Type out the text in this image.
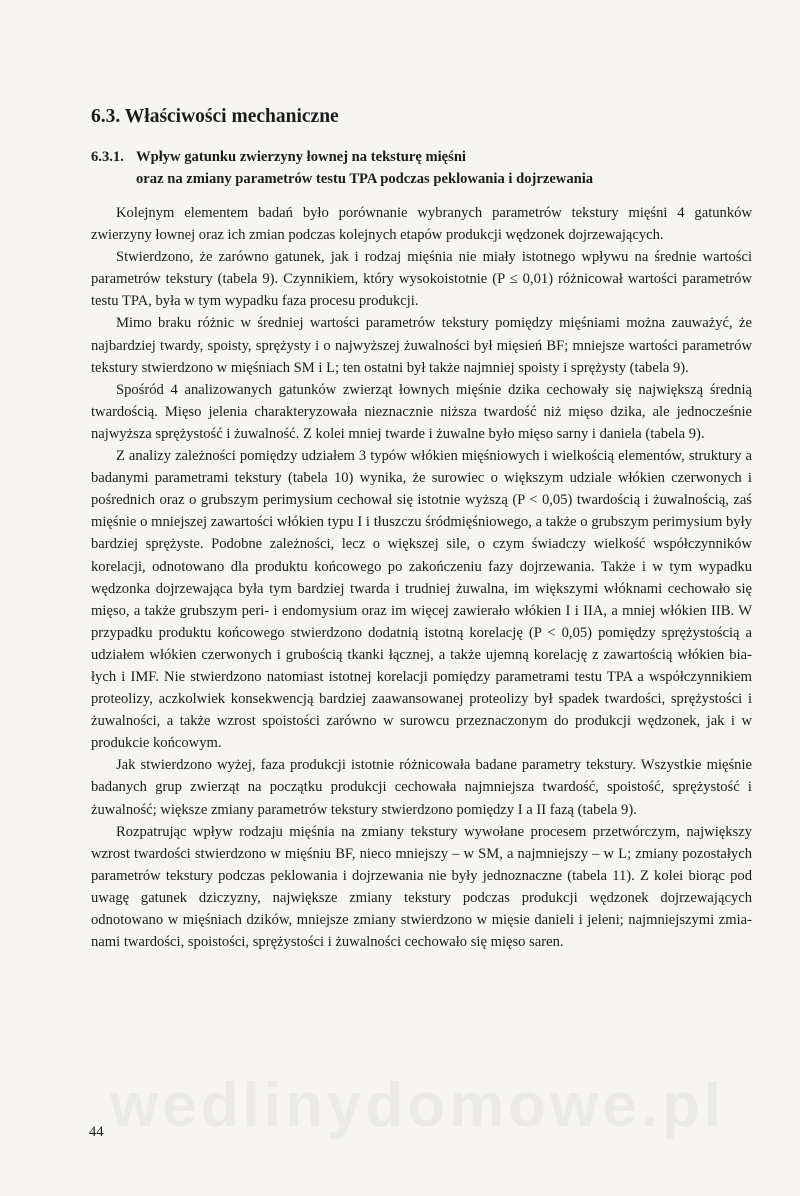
6.3. Właściwości mechaniczne
6.3.1. Wpływ gatunku zwierzyny łownej na teksturę mięśni
oraz na zmiany parametrów testu TPA podczas peklowania i dojrzewania

Kolejnym elementem badań było porównanie wybranych parametrów tekstury mięśni 4 gatunków zwierzyny łownej oraz ich zmian podczas kolejnych etapów produkcji wędzonek dojrzewających.

Stwierdzono, że zarówno gatunek, jak i rodzaj mięśnia nie miały istotnego wpływu na średnie wartości parametrów tekstury (tabela 9). Czynnikiem, który wysokoistotnie (P ≤ 0,01) różnicował wartości parametrów testu TPA, była w tym wypadku faza procesu produkcji.

Mimo braku różnic w średniej wartości parametrów tekstury pomiędzy mięśniami można zauważyć, że najbardziej twardy, spoisty, sprężysty i o najwyższej żuwalności był mięsień BF; mniejsze wartości parametrów tekstury stwierdzono w mięśniach SM i L; ten ostatni był także najmniej spoisty i sprężysty (tabela 9).

Spośród 4 analizowanych gatunków zwierząt łownych mięśnie dzika cechowały się największą średnią twardością. Mięso jelenia charakteryzowała nieznacznie niższa twardość niż mięso dzika, ale jednocześnie najwyższa sprężystość i żuwalność. Z kolei mniej twarde i żuwalne było mięso sarny i daniela (tabela 9).

Z analizy zależności pomiędzy udziałem 3 typów włókien mięśniowych i wielkością elementów, struktury a badanymi parametrami tekstury (tabela 10) wynika, że surowiec o większym udziale włókien czerwonych i pośrednich oraz o grubszym perimysium cechował się istotnie wyższą (P < 0,05) twardością i żuwalnością, zaś mięśnie o mniejszej zawartości włókien typu I i tłuszczu śródmięśniowego, a także o grubszym perimysium były bardziej sprężyste. Podobne zależności, lecz o większej sile, o czym świadczy wielkość współczynników korelacji, odnotowano dla produktu końcowego po zakończeniu fazy dojrzewania. Także i w tym wypadku wędzonka dojrzewająca była tym bardziej twarda i trudniej żuwalna, im większymi włóknami cechowało się mięso, a także grubszym peri- i endomysium oraz im więcej zawierało włókien I i IIA, a mniej włókien IIB. W przypadku produktu końcowego stwierdzono dodatnią istotną korelację (P < 0,05) pomiędzy sprężystością a udziałem włókien czerwonych i grubością tkanki łącznej, a także ujemną korelację z zawartością włókien białych i IMF. Nie stwierdzono natomiast istotnej korelacji pomiędzy parametrami testu TPA a współczynnikiem proteolizy, aczkolwiek konsekwencją bardziej zaawansowanej proteolizy był spadek twardości, sprężystości i żuwalności, a także wzrost spoistości zarówno w surowcu przeznaczonym do produkcji wędzonek, jak i w produkcie końcowym.

Jak stwierdzono wyżej, faza produkcji istotnie różnicowała badane parametry tekstury. Wszystkie mięśnie badanych grup zwierząt na początku produkcji cechowała najmniejsza twardość, spoistość, sprężystość i żuwalność; większe zmiany parametrów tekstury stwierdzono pomiędzy I a II fazą (tabela 9).

Rozpatrując wpływ rodzaju mięśnia na zmiany tekstury wywołane procesem przetwórczym, największy wzrost twardości stwierdzono w mięśniu BF, nieco mniejszy – w SM, a najmniejszy – w L; zmiany pozostałych parametrów tekstury podczas peklowania i dojrzewania nie były jednoznaczne (tabela 11). Z kolei biorąc pod uwagę gatunek dziczyzny, największe zmiany tekstury podczas produkcji wędzonek dojrzewających odnotowano w mięśniach dzików, mniejsze zmiany stwierdzono w mięsie danieli i jeleni; najmniejszymi zmianami twardości, spoistości, sprężystości i żuwalności cechowało się mięso saren.

wedlinydomowe.pl
44
